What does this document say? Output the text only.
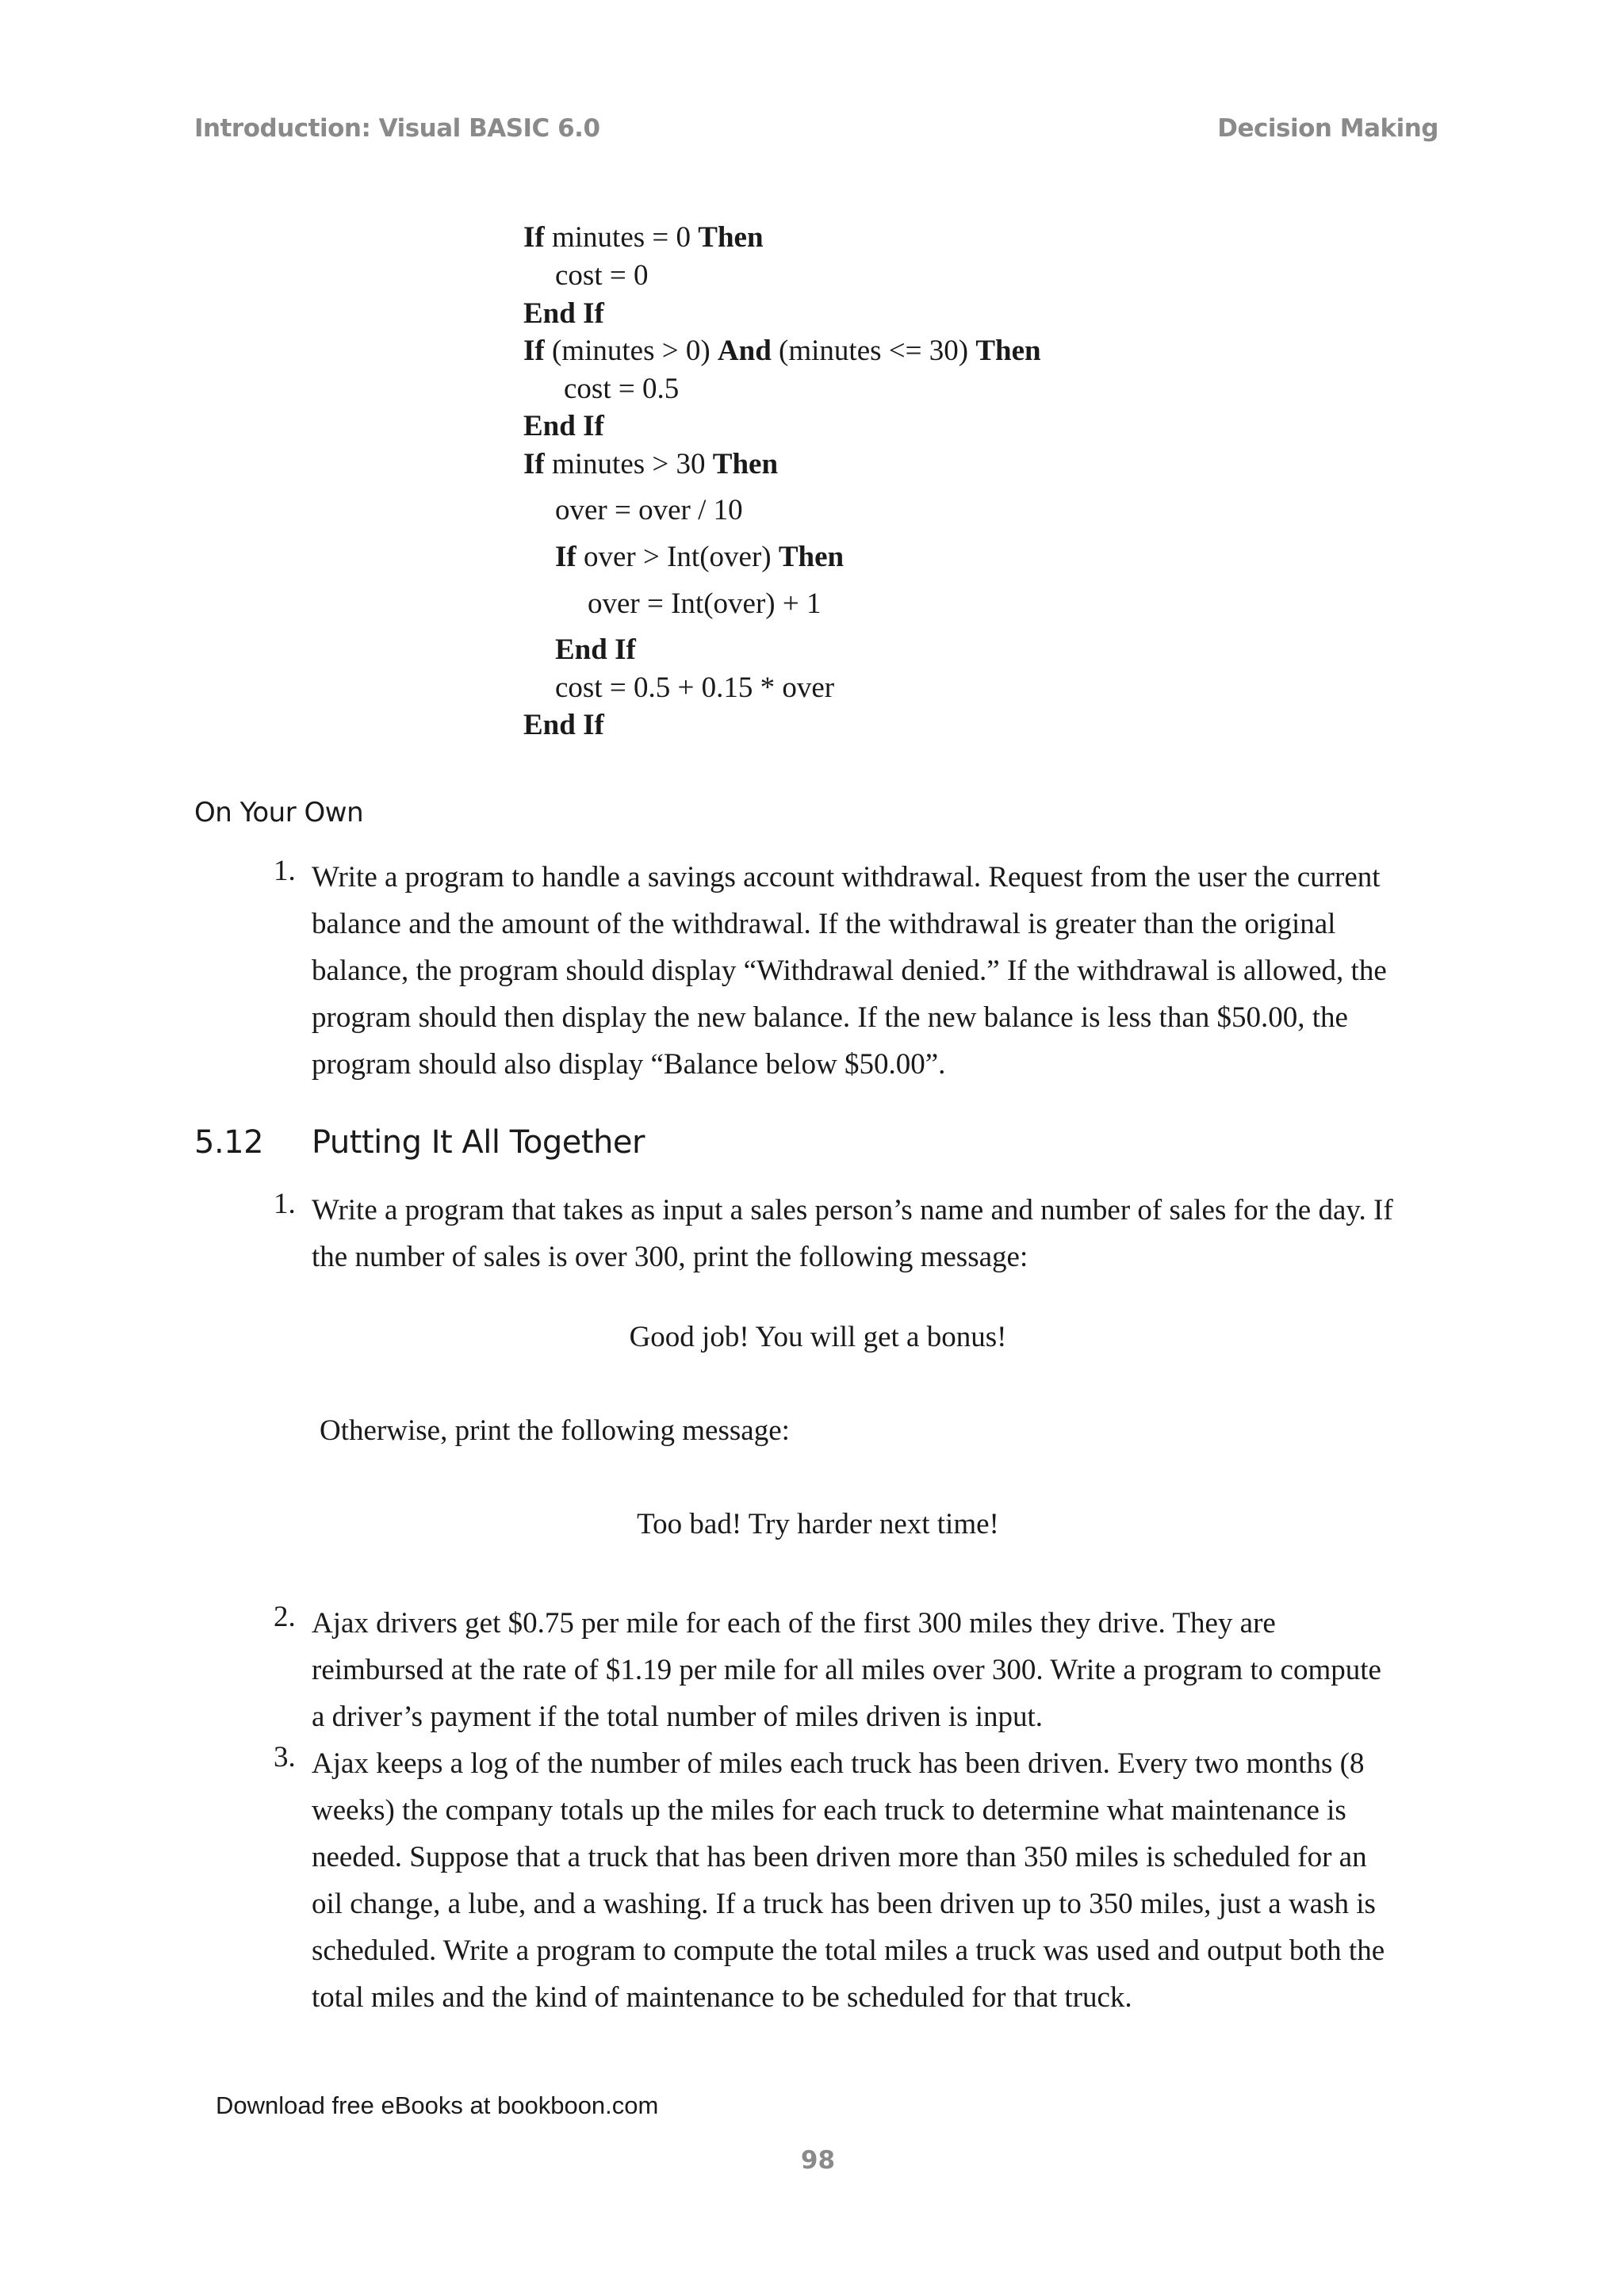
Introduction: Visual BASIC 6.0	Decision Making
If minutes = 0 Then
cost = 0
End If
If (minutes > 0) And (minutes <= 30) Then
cost = 0.5
End If
If minutes > 30 Then
over = over / 10
If over > Int(over) Then
over = Int(over) + 1
End If
cost = 0.5 + 0.15 * over
End If
On Your Own
1. Write a program to handle a savings account withdrawal. Request from the user the current
balance and the amount of the withdrawal. If the withdrawal is greater than the original
balance, the program should display “Withdrawal denied.” If the withdrawal is allowed, the
program should then display the new balance. If the new balance is less than $50.00, the
program should also display “Balance below $50.00”.
5.12 Putting It All Together
1. Write a program that takes as input a sales person’s name and number of sales for the day. If
the number of sales is over 300, print the following message:
Good job! You will get a bonus!
Otherwise, print the following message:
Too bad! Try harder next time!
2. Ajax drivers get $0.75 per mile for each of the first 300 miles they drive. They are
reimbursed at the rate of $1.19 per mile for all miles over 300. Write a program to compute
a driver’s payment if the total number of miles driven is input.
3. Ajax keeps a log of the number of miles each truck has been driven. Every two months (8
weeks) the company totals up the miles for each truck to determine what maintenance is
needed. Suppose that a truck that has been driven more than 350 miles is scheduled for an
oil change, a lube, and a washing. If a truck has been driven up to 350 miles, just a wash is
scheduled. Write a program to compute the total miles a truck was used and output both the
total miles and the kind of maintenance to be scheduled for that truck.
Download free eBooks at bookboon.com
98
